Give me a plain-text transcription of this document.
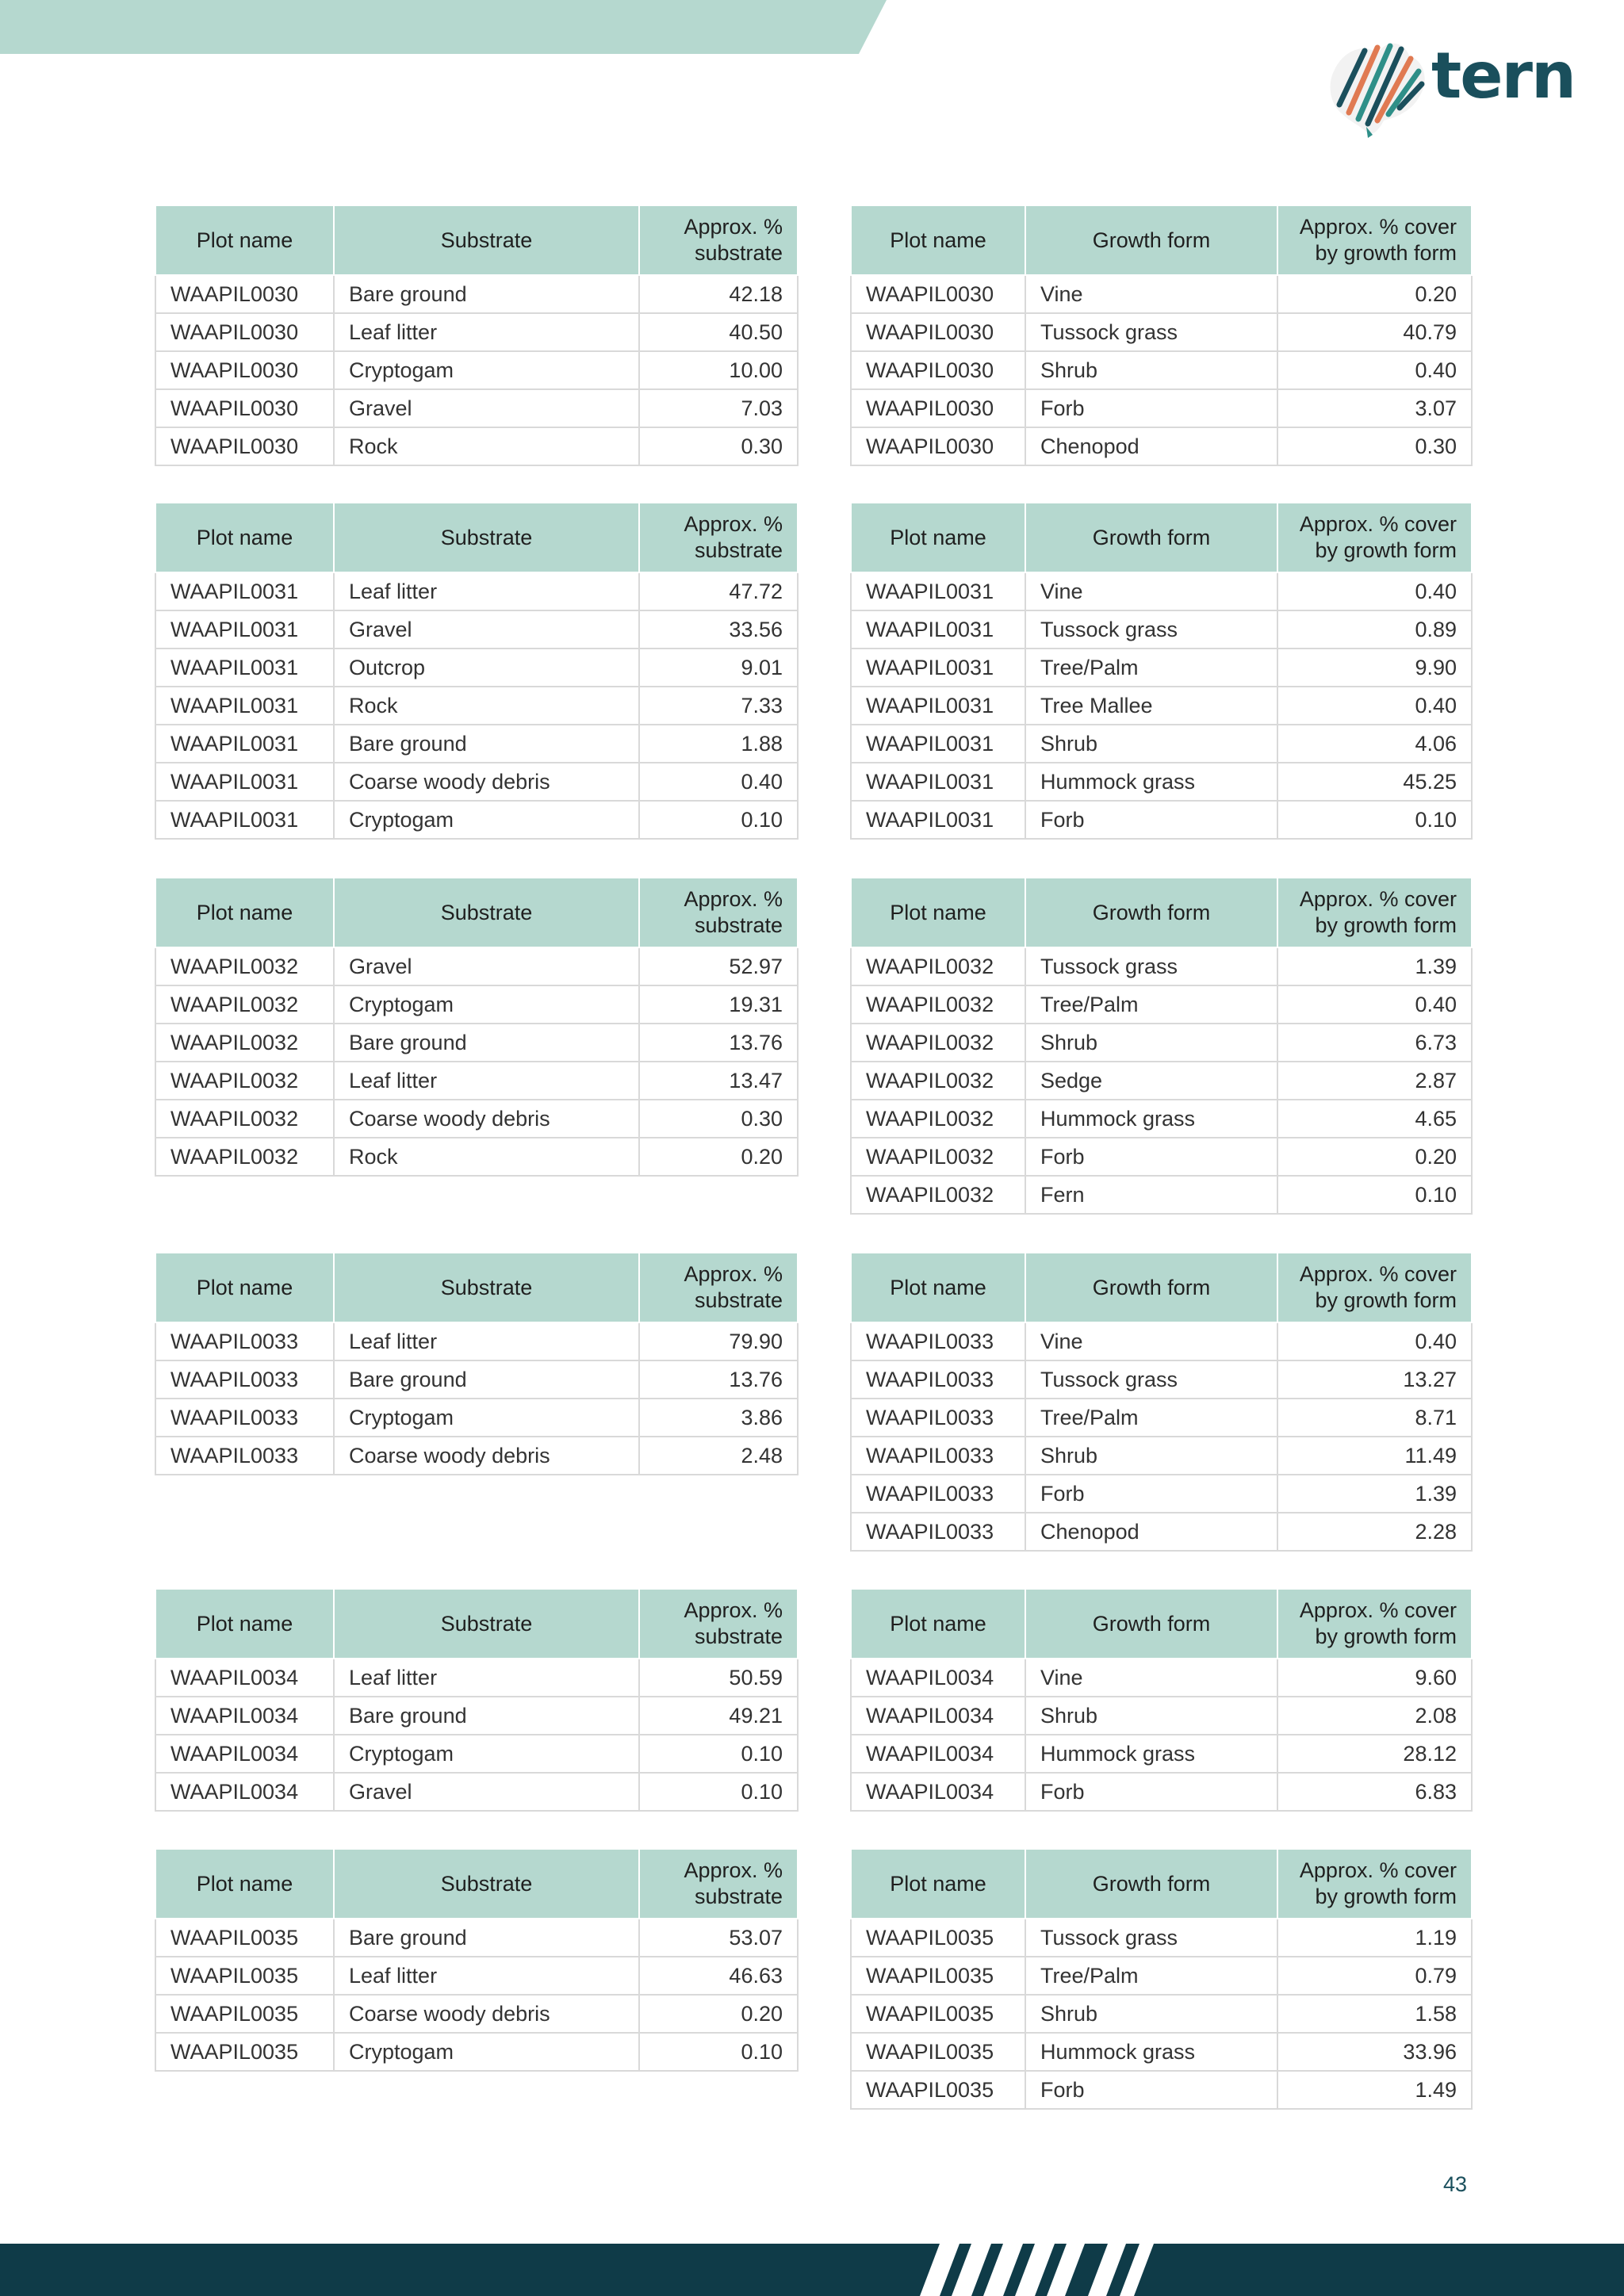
tern
Plot name	Substrate	Approx. %
substrate
WAAPIL0030	Bare ground	42.18
WAAPIL0030	Leaf litter	40.50
WAAPIL0030	Cryptogam	10.00
WAAPIL0030	Gravel	7.03
WAAPIL0030	Rock	0.30
Plot name	Growth form	Approx. % cover
by growth form
WAAPIL0030	Vine	0.20
WAAPIL0030	Tussock grass	40.79
WAAPIL0030	Shrub	0.40
WAAPIL0030	Forb	3.07
WAAPIL0030	Chenopod	0.30
Plot name	Substrate	Approx. %
substrate
WAAPIL0031	Leaf litter	47.72
WAAPIL0031	Gravel	33.56
WAAPIL0031	Outcrop	9.01
WAAPIL0031	Rock	7.33
WAAPIL0031	Bare ground	1.88
WAAPIL0031	Coarse woody debris	0.40
WAAPIL0031	Cryptogam	0.10
Plot name	Growth form	Approx. % cover
by growth form
WAAPIL0031	Vine	0.40
WAAPIL0031	Tussock grass	0.89
WAAPIL0031	Tree/Palm	9.90
WAAPIL0031	Tree Mallee	0.40
WAAPIL0031	Shrub	4.06
WAAPIL0031	Hummock grass	45.25
WAAPIL0031	Forb	0.10
Plot name	Substrate	Approx. %
substrate
WAAPIL0032	Gravel	52.97
WAAPIL0032	Cryptogam	19.31
WAAPIL0032	Bare ground	13.76
WAAPIL0032	Leaf litter	13.47
WAAPIL0032	Coarse woody debris	0.30
WAAPIL0032	Rock	0.20
Plot name	Growth form	Approx. % cover
by growth form
WAAPIL0032	Tussock grass	1.39
WAAPIL0032	Tree/Palm	0.40
WAAPIL0032	Shrub	6.73
WAAPIL0032	Sedge	2.87
WAAPIL0032	Hummock grass	4.65
WAAPIL0032	Forb	0.20
WAAPIL0032	Fern	0.10
Plot name	Substrate	Approx. %
substrate
WAAPIL0033	Leaf litter	79.90
WAAPIL0033	Bare ground	13.76
WAAPIL0033	Cryptogam	3.86
WAAPIL0033	Coarse woody debris	2.48
Plot name	Growth form	Approx. % cover
by growth form
WAAPIL0033	Vine	0.40
WAAPIL0033	Tussock grass	13.27
WAAPIL0033	Tree/Palm	8.71
WAAPIL0033	Shrub	11.49
WAAPIL0033	Forb	1.39
WAAPIL0033	Chenopod	2.28
Plot name	Substrate	Approx. %
substrate
WAAPIL0034	Leaf litter	50.59
WAAPIL0034	Bare ground	49.21
WAAPIL0034	Cryptogam	0.10
WAAPIL0034	Gravel	0.10
Plot name	Growth form	Approx. % cover
by growth form
WAAPIL0034	Vine	9.60
WAAPIL0034	Shrub	2.08
WAAPIL0034	Hummock grass	28.12
WAAPIL0034	Forb	6.83
Plot name	Substrate	Approx. %
substrate
WAAPIL0035	Bare ground	53.07
WAAPIL0035	Leaf litter	46.63
WAAPIL0035	Coarse woody debris	0.20
WAAPIL0035	Cryptogam	0.10
Plot name	Growth form	Approx. % cover
by growth form
WAAPIL0035	Tussock grass	1.19
WAAPIL0035	Tree/Palm	0.79
WAAPIL0035	Shrub	1.58
WAAPIL0035	Hummock grass	33.96
WAAPIL0035	Forb	1.49
43
